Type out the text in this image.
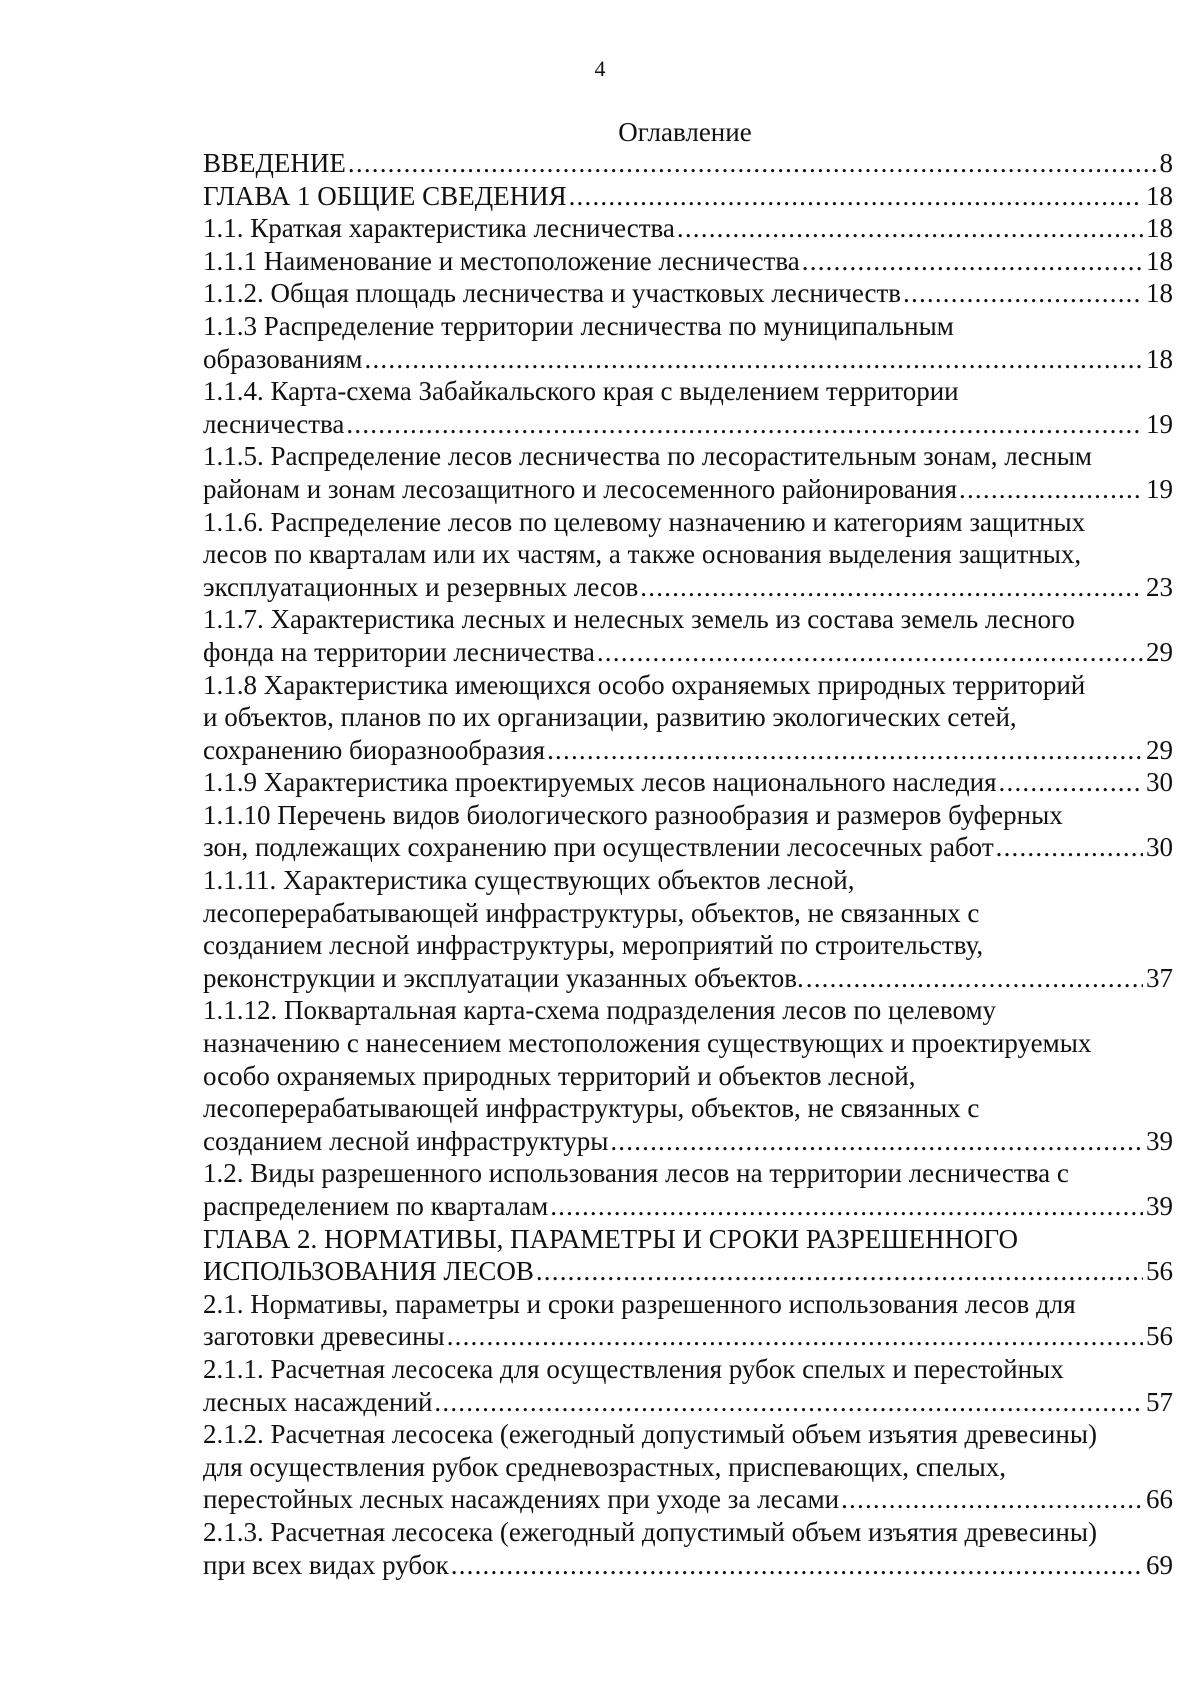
4
Оглавление
ВВЕДЕНИЕ .....	8
ГЛАВА 1 ОБЩИЕ СВЕДЕНИЯ .....	18
1.1. Краткая характеристика лесничества .....	18
1.1.1 Наименование и местоположение лесничества .....	18
1.1.2. Общая площадь лесничества и участковых лесничеств .....	18
1.1.3 Распределение территории лесничества по муниципальным
образованиям .....	18
1.1.4. Карта-схема Забайкальского края с выделением территории
лесничества .....	19
1.1.5. Распределение лесов лесничества по лесорастительным зонам, лесным
районам и зонам лесозащитного и лесосеменного районирования .....	19
1.1.6. Распределение лесов по целевому назначению и категориям защитных
лесов по кварталам или их частям, а также основания выделения защитных,
эксплуатационных и резервных лесов .....	23
1.1.7. Характеристика лесных и нелесных земель из состава земель лесного
фонда на территории лесничества .....	29
1.1.8 Характеристика имеющихся особо охраняемых природных территорий
и объектов, планов по их организации, развитию экологических сетей,
сохранению биоразнообразия .....	29
1.1.9 Характеристика проектируемых лесов национального наследия .....	30
1.1.10 Перечень видов биологического разнообразия и размеров буферных
зон, подлежащих сохранению при осуществлении лесосечных работ .....	30
1.1.11. Характеристика существующих объектов лесной,
лесоперерабатывающей инфраструктуры, объектов, не связанных с
созданием лесной инфраструктуры, мероприятий по строительству,
реконструкции и эксплуатации указанных объектов. .....	37
1.1.12. Поквартальная карта-схема подразделения лесов по целевому
назначению с нанесением местоположения существующих и проектируемых
особо охраняемых природных территорий и объектов лесной,
лесоперерабатывающей инфраструктуры, объектов, не связанных с
созданием лесной инфраструктуры .....	39
1.2. Виды разрешенного использования лесов на территории лесничества с
распределением по кварталам .....	39
ГЛАВА 2. НОРМАТИВЫ, ПАРАМЕТРЫ И СРОКИ РАЗРЕШЕННОГО
ИСПОЛЬЗОВАНИЯ ЛЕСОВ .....	56
2.1. Нормативы, параметры и сроки разрешенного использования лесов для
заготовки древесины .....	56
2.1.1. Расчетная лесосека для осуществления рубок спелых и перестойных
лесных насаждений .....	57
2.1.2. Расчетная лесосека (ежегодный допустимый объем изъятия древесины)
для осуществления рубок средневозрастных, приспевающих, спелых,
перестойных лесных насаждениях при уходе за лесами .....	66
2.1.3. Расчетная лесосека (ежегодный допустимый объем изъятия древесины)
при всех видах рубок .....	69
